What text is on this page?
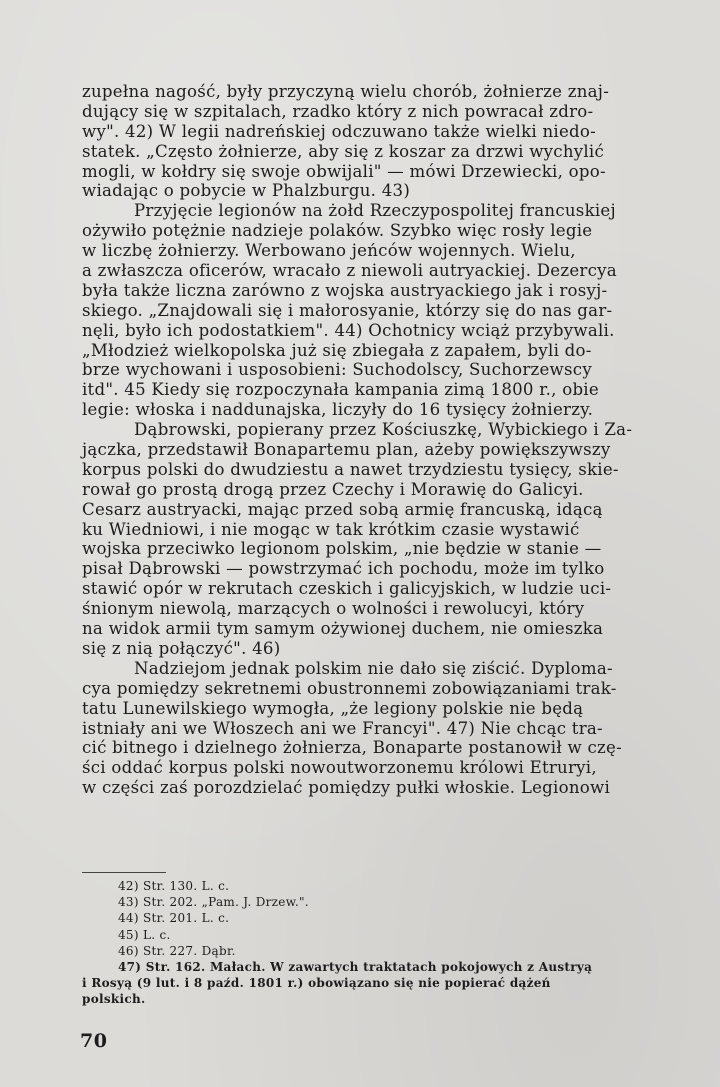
zupełna nagość, były przyczyną wielu chorób, żołnierze znaj-
dujący się w szpitalach, rzadko który z nich powracał zdro-
wy". 42) W legii nadreńskiej odczuwano także wielki niedo-
statek. „Często żołnierze, aby się z koszar za drzwi wychylić
mogli, w kołdry się swoje obwijali" — mówi Drzewiecki, opo-
wiadając o pobycie w Phalzburgu. 43)
Przyjęcie legionów na żołd Rzeczypospolitej francuskiej
ożywiło potężnie nadzieje polaków. Szybko więc rosły legie
w liczbę żołnierzy. Werbowano jeńców wojennych. Wielu,
a zwłaszcza oficerów, wracało z niewoli autryackiej. Dezercya
była także liczna zarówno z wojska austryackiego jak i rosyj-
skiego. „Znajdowali się i małorosyanie, którzy się do nas gar-
nęli, było ich podostatkiem". 44) Ochotnicy wciąż przybywali.
„Młodzież wielkopolska już się zbiegała z zapałem, byli do-
brze wychowani i usposobieni: Suchodolscy, Suchorzewscy
itd". 45 Kiedy się rozpoczynała kampania zimą 1800 r., obie
legie: włoska i naddunajska, liczyły do 16 tysięcy żołnierzy.
Dąbrowski, popierany przez Kościuszkę, Wybickiego i Za-
jączka, przedstawił Bonapartemu plan, ażeby powiększywszy
korpus polski do dwudziestu a nawet trzydziestu tysięcy, skie-
rował go prostą drogą przez Czechy i Morawię do Galicyi.
Cesarz austryacki, mając przed sobą armię francuską, idącą
ku Wiedniowi, i nie mogąc w tak krótkim czasie wystawić
wojska przeciwko legionom polskim, „nie będzie w stanie —
pisał Dąbrowski — powstrzymać ich pochodu, może im tylko
stawić opór w rekrutach czeskich i galicyjskich, w ludzie uci-
śnionym niewolą, marzących o wolności i rewolucyi, który
na widok armii tym samym ożywionej duchem, nie omieszka
się z nią połączyć". 46)
Nadziejom jednak polskim nie dało się ziścić. Dyploma-
cya pomiędzy sekretnemi obustronnemi zobowiązaniami trak-
tatu Lunewilskiego wymogła, „że legiony polskie nie będą
istniały ani we Włoszech ani we Francyi". 47) Nie chcąc tra-
cić bitnego i dzielnego żołnierza, Bonaparte postanowił w czę-
ści oddać korpus polski nowoutworzonemu królowi Etruryi,
w części zaś porozdzielać pomiędzy pułki włoskie. Legionowi
42) Str. 130. L. c.
43) Str. 202. „Pam. J. Drzew.".
44) Str. 201. L. c.
45) L. c.
46) Str. 227. Dąbr.
47) Str. 162. Małach. W zawartych traktatach pokojowych z Austryą
i Rosyą (9 lut. i 8 paźd. 1801 r.) obowiązano się nie popierać dążeń
polskich.
70
